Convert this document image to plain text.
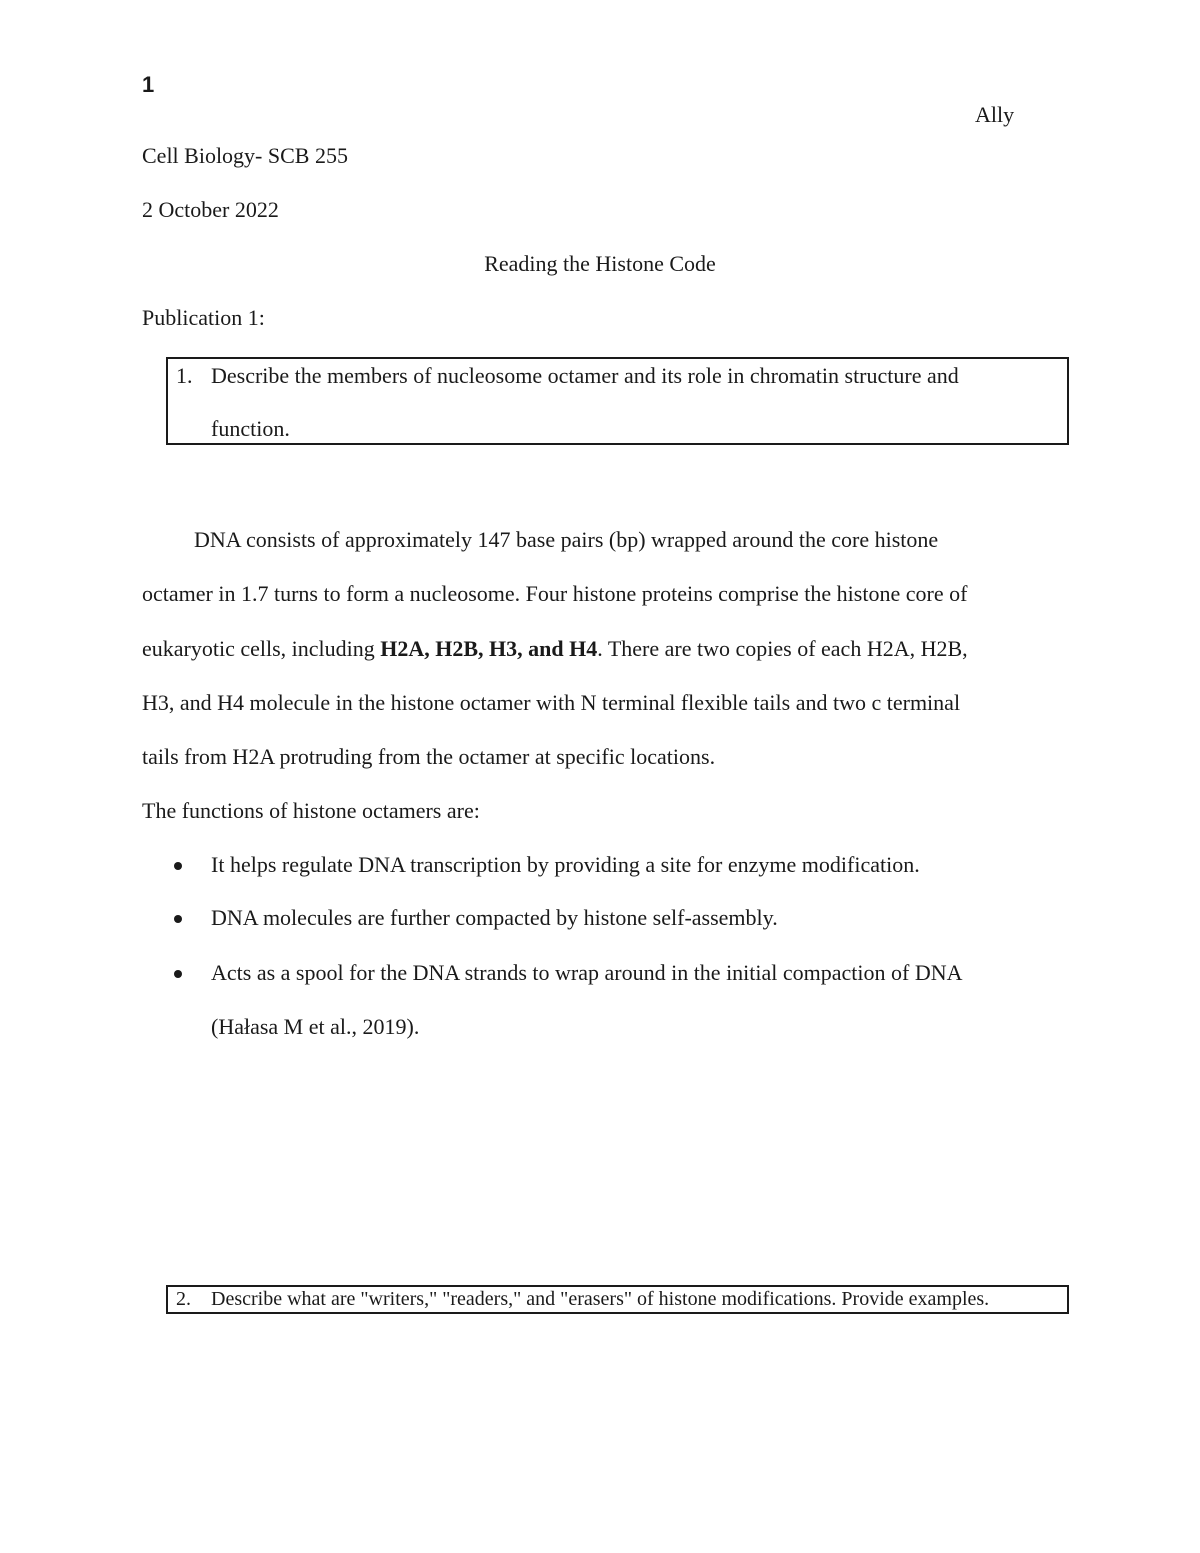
1
Ally
Cell Biology- SCB 255
2 October 2022
Reading the Histone Code
Publication 1:
1. Describe the members of nucleosome octamer and its role in chromatin structure and
function.
DNA consists of approximately 147 base pairs (bp) wrapped around the core histone
octamer in 1.7 turns to form a nucleosome. Four histone proteins comprise the histone core of
eukaryotic cells, including H2A, H2B, H3, and H4. There are two copies of each H2A, H2B,
H3, and H4 molecule in the histone octamer with N terminal flexible tails and two c terminal
tails from H2A protruding from the octamer at specific locations.
The functions of histone octamers are:
It helps regulate DNA transcription by providing a site for enzyme modification.
DNA molecules are further compacted by histone self-assembly.
Acts as a spool for the DNA strands to wrap around in the initial compaction of DNA
(Hałasa M et al., 2019).
2. Describe what are "writers," "readers," and "erasers" of histone modifications. Provide examples.
